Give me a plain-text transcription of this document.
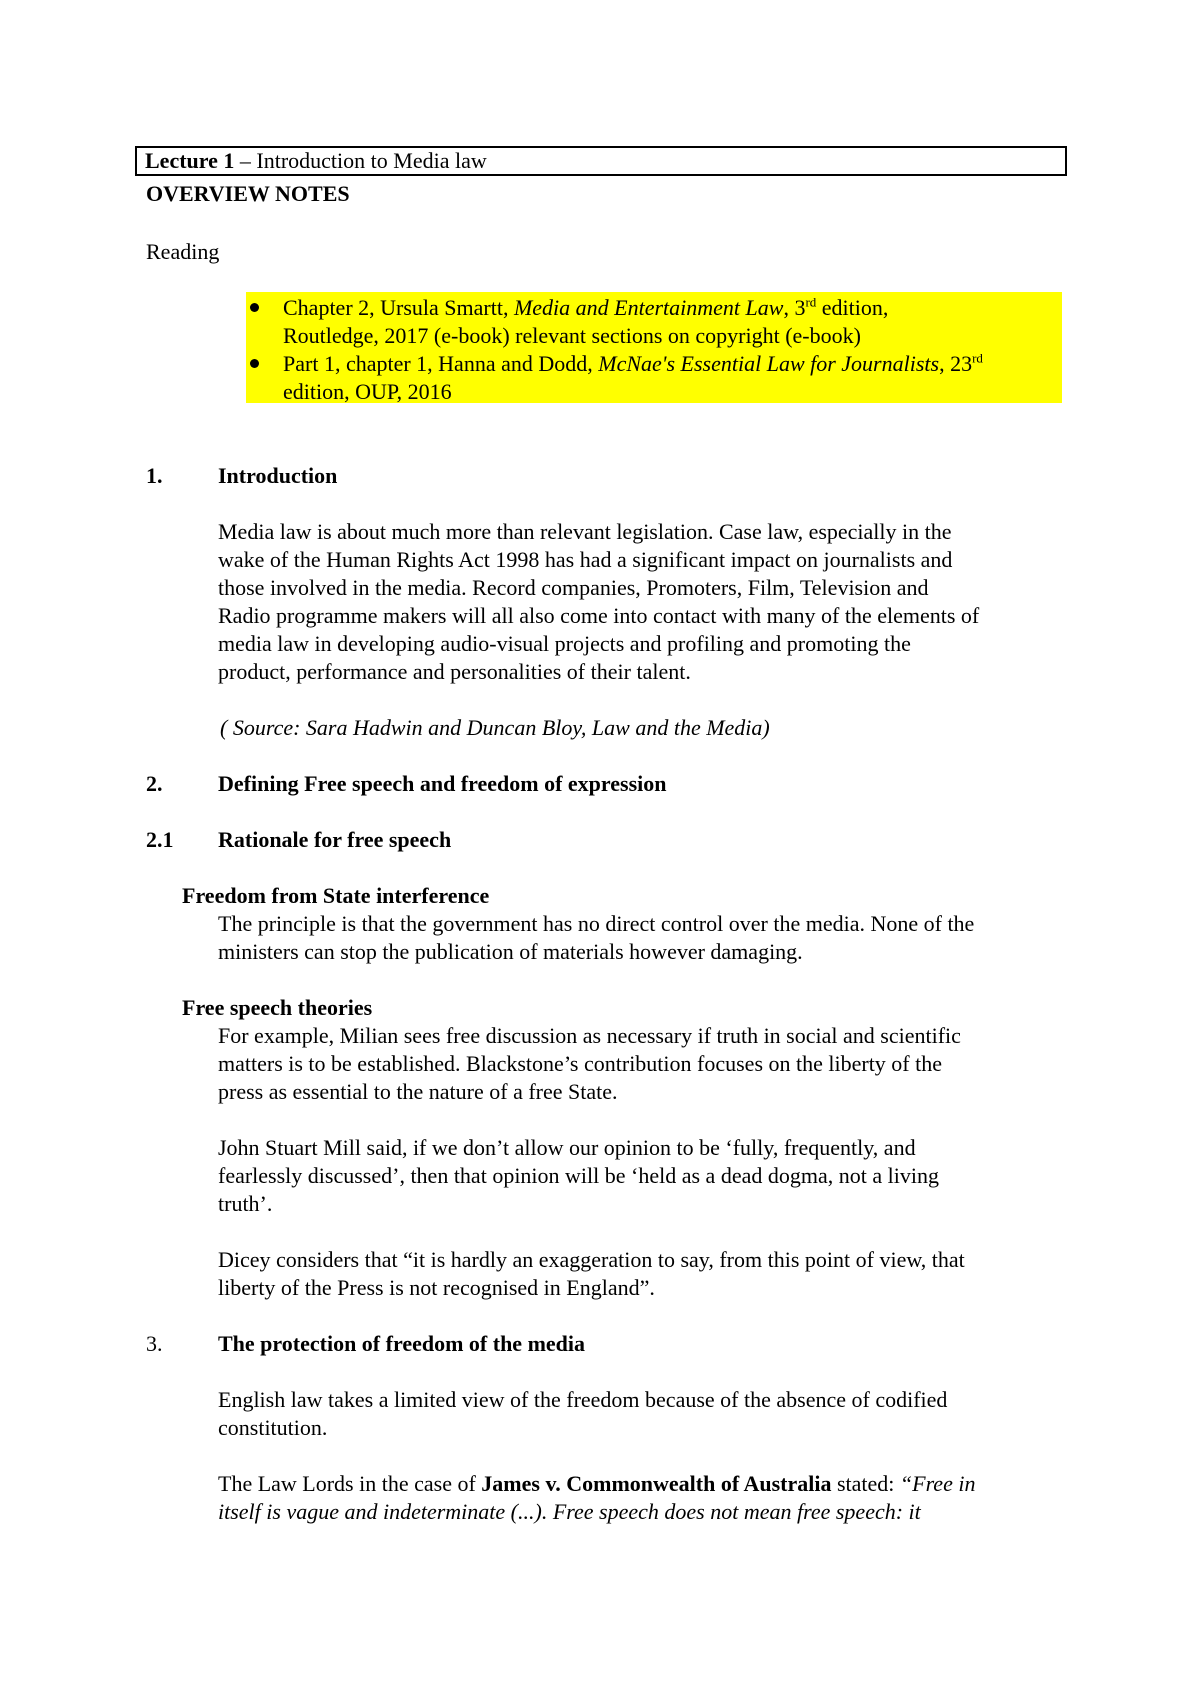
Lecture 1 – Introduction to Media law
OVERVIEW NOTES
Reading
Chapter 2, Ursula Smartt, Media and Entertainment Law, 3rd edition,
Routledge, 2017 (e-book) relevant sections on copyright (e-book)
Part 1, chapter 1, Hanna and Dodd, McNae's Essential Law for Journalists, 23rd
edition, OUP, 2016
1.	Introduction
Media law is about much more than relevant legislation. Case law, especially in the
wake of the Human Rights Act 1998 has had a significant impact on journalists and
those involved in the media. Record companies, Promoters, Film, Television and
Radio programme makers will all also come into contact with many of the elements of
media law in developing audio-visual projects and profiling and promoting the
product, performance and personalities of their talent.
( Source: Sara Hadwin and Duncan Bloy, Law and the Media)
2.	Defining Free speech and freedom of expression
2.1 Rationale for free speech
Freedom from State interference
The principle is that the government has no direct control over the media. None of the
ministers can stop the publication of materials however damaging.
Free speech theories
For example, Milian sees free discussion as necessary if truth in social and scientific
matters is to be established. Blackstone’s contribution focuses on the liberty of the
press as essential to the nature of a free State.
John Stuart Mill said, if we don’t allow our opinion to be ‘fully, frequently, and
fearlessly discussed’, then that opinion will be ‘held as a dead dogma, not a living
truth’.
Dicey considers that “it is hardly an exaggeration to say, from this point of view, that
liberty of the Press is not recognised in England”.
3.	The protection of freedom of the media
English law takes a limited view of the freedom because of the absence of codified
constitution.
The Law Lords in the case of James v. Commonwealth of Australia stated: “Free in
itself is vague and indeterminate (...). Free speech does not mean free speech: it
